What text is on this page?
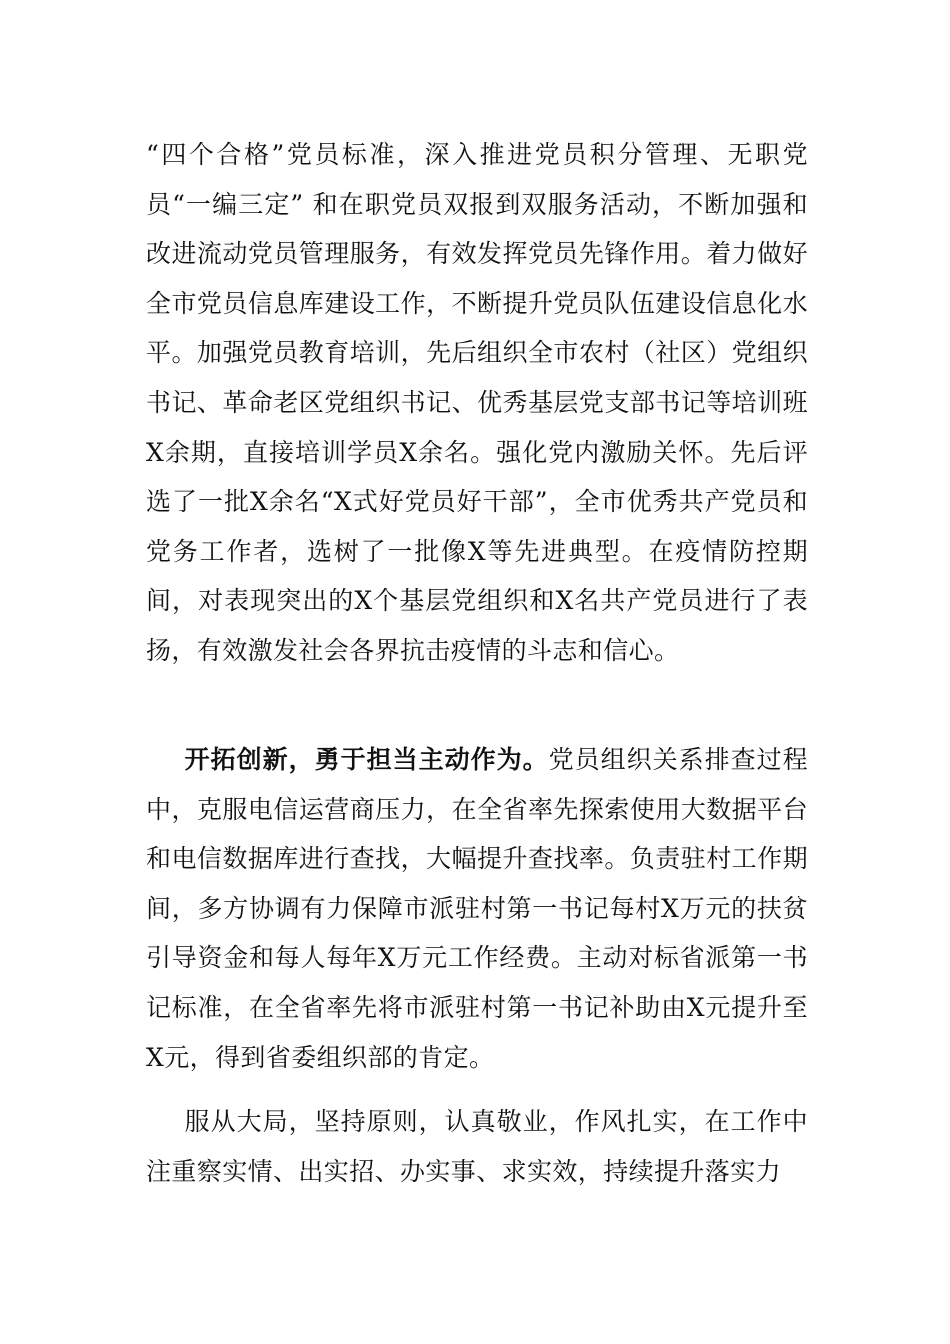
“四个合格”党员标准，深入推进党员积分管理、无职党员“一编三定” 和在职党员双报到双服务活动，不断加强和改进流动党员管理服务，有效发挥党员先锋作用。着力做好全市党员信息库建设工作，不断提升党员队伍建设信息化水平。加强党员教育培训，先后组织全市农村（社区）党组织书记、革命老区党组织书记、优秀基层党支部书记等培训班X余期，直接培训学员X余名。强化党内激励关怀。先后评选了一批X余名“X式好党员好干部”，全市优秀共产党员和党务工作者，选树了一批像X等先进典型。在疫情防控期间，对表现突出的X个基层党组织和X名共产党员进行了表扬，有效激发社会各界抗击疫情的斗志和信心。

开拓创新，勇于担当主动作为。党员组织关系排查过程中，克服电信运营商压力，在全省率先探索使用大数据平台和电信数据库进行查找，大幅提升查找率。负责驻村工作期间，多方协调有力保障市派驻村第一书记每村X万元的扶贫引导资金和每人每年X万元工作经费。主动对标省派第一书记标准，在全省率先将市派驻村第一书记补助由X元提升至X元，得到省委组织部的肯定。

服从大局，坚持原则，认真敬业，作风扎实，在工作中注重察实情、出实招、办实事、求实效，持续提升落实力
